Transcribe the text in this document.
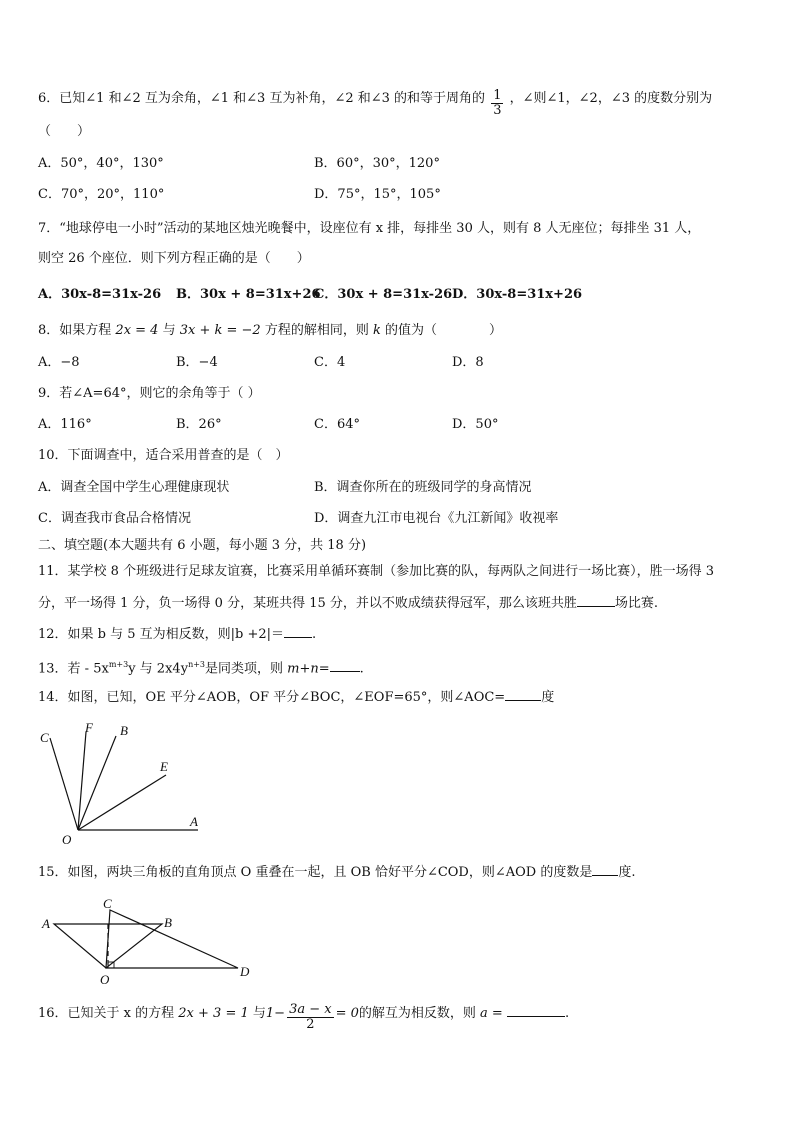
6．已知∠1 和∠2 互为余角，∠1 和∠3 互为补角，∠2 和∠3 的和等于周角的 $\frac{1}{3}$ ，∠则∠1，∠2，∠3 的度数分别为
（　　）
A．50°，40°，130°	B．60°，30°，120°
C．70°，20°，110°	D．75°，15°，105°
7．“地球停电一小时”活动的某地区烛光晚餐中，设座位有 x 排，每排坐 30 人，则有 8 人无座位；每排坐 31 人，
则空 26 个座位．则下列方程正确的是（　　）
A．30x-8=31x-26 B．30x + 8=31x+26
C．30x + 8=31x-26 D．30x-8=31x+26
8．如果方程 2x = 4 与 3x + k = −2 方程的解相同，则 k 的值为（　　　　）
A．−8	B．−4	C．4	D．8
9．若∠A=64°，则它的余角等于（ ）
A．116°	B．26°	C．64°	D．50°
10．下面调查中，适合采用普查的是（　）
A．调查全国中学生心理健康现状	B．调查你所在的班级同学的身高情况
C．调查我市食品合格情况	D．调查九江市电视台《九江新闻》收视率
二、填空题(本大题共有 6 小题，每小题 3 分，共 18 分)
11．某学校 8 个班级进行足球友谊赛，比赛采用单循环赛制（参加比赛的队，每两队之间进行一场比赛），胜一场得 3
分，平一场得 1 分，负一场得 0 分，某班共得 15 分，并以不败成绩获得冠军，那么该班共胜	场比赛.
12．如果 b 与 5 互为相反数，则|b +2|＝ .
13．若 - $5x^{m+3}y$ 与 $2x4y^{n+3}$是同类项，则 m+n= .
14．如图，已知，OE 平分∠AOB，OF 平分∠BOC，∠EOF=65°，则∠AOC=	度
C
F B
E
A
O
15．如图，两块三角板的直角顶点 O 重叠在一起，且 OB 恰好平分∠COD，则∠AOD 的度数是 度.
A	B
C
O
D
16．已知关于 x 的方程 2x + 3 = 1 与$1- \frac{3a - x}{2} = 0$的解互为相反数，则 a =	.
